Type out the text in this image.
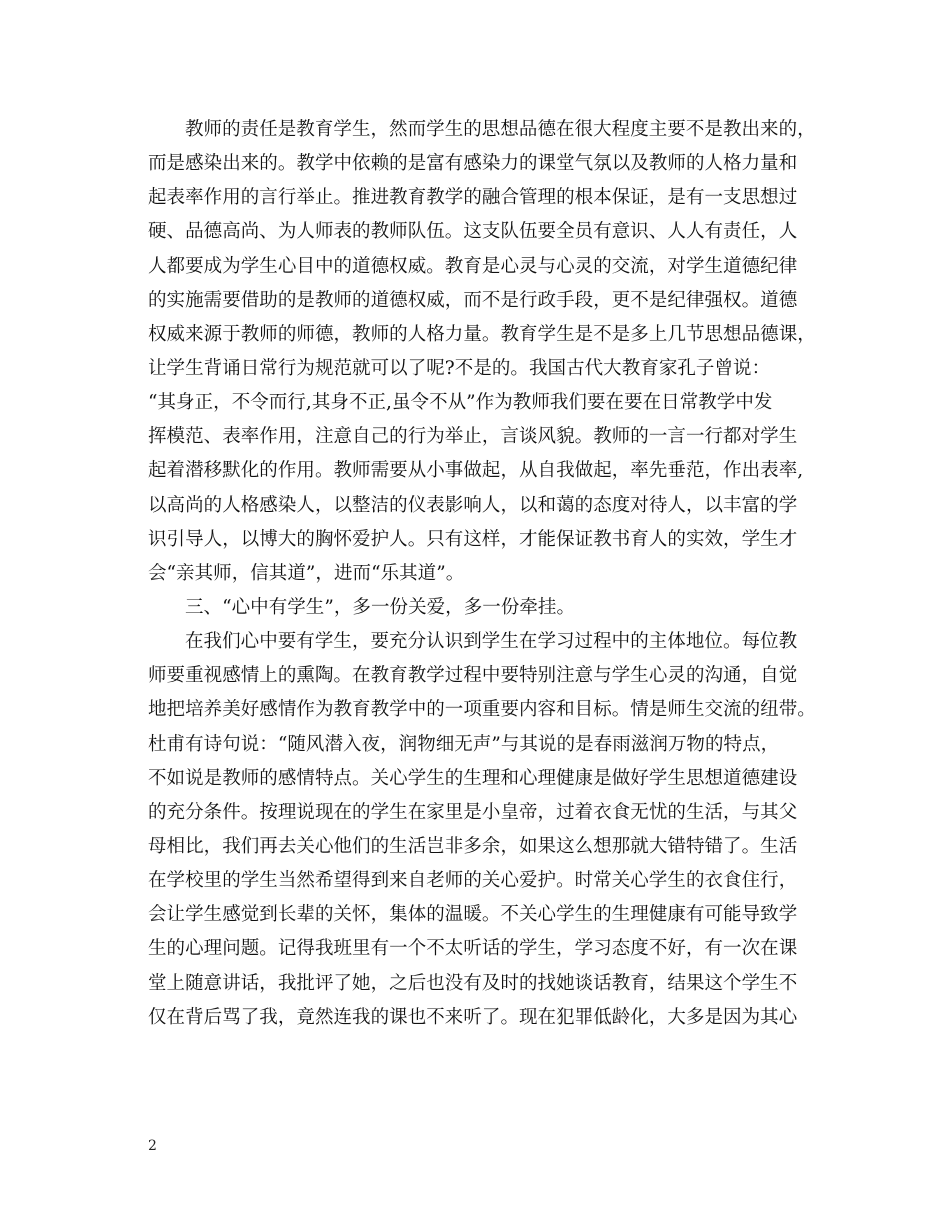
教师的责任是教育学生，然而学生的思想品德在很大程度主要不是教出来的，
而是感染出来的。教学中依赖的是富有感染力的课堂气氛以及教师的人格力量和
起表率作用的言行举止。推进教育教学的融合管理的根本保证，是有一支思想过
硬、品德高尚、为人师表的教师队伍。这支队伍要全员有意识、人人有责任，人
人都要成为学生心目中的道德权威。教育是心灵与心灵的交流，对学生道德纪律
的实施需要借助的是教师的道德权威，而不是行政手段，更不是纪律强权。道德
权威来源于教师的师德，教师的人格力量。教育学生是不是多上几节思想品德课，
让学生背诵日常行为规范就可以了呢?不是的。我国古代大教育家孔子曾说：
“其身正，不令而行,其身不正,虽令不从”作为教师我们要在要在日常教学中发
挥模范、表率作用，注意自己的行为举止，言谈风貌。教师的一言一行都对学生
起着潜移默化的作用。教师需要从小事做起，从自我做起，率先垂范，作出表率,
以高尚的人格感染人，以整洁的仪表影响人，以和蔼的态度对待人，以丰富的学
识引导人，以博大的胸怀爱护人。只有这样，才能保证教书育人的实效，学生才
会“亲其师，信其道”，进而“乐其道”。
三、“心中有学生”，多一份关爱，多一份牵挂。
在我们心中要有学生，要充分认识到学生在学习过程中的主体地位。每位教
师要重视感情上的熏陶。在教育教学过程中要特别注意与学生心灵的沟通，自觉
地把培养美好感情作为教育教学中的一项重要内容和目标。情是师生交流的纽带。
杜甫有诗句说：“随风潜入夜，润物细无声”与其说的是春雨滋润万物的特点，
不如说是教师的感情特点。关心学生的生理和心理健康是做好学生思想道德建设
的充分条件。按理说现在的学生在家里是小皇帝，过着衣食无忧的生活，与其父
母相比，我们再去关心他们的生活岂非多余，如果这么想那就大错特错了。生活
在学校里的学生当然希望得到来自老师的关心爱护。时常关心学生的衣食住行，
会让学生感觉到长辈的关怀，集体的温暖。不关心学生的生理健康有可能导致学
生的心理问题。记得我班里有一个不太听话的学生，学习态度不好，有一次在课
堂上随意讲话，我批评了她，之后也没有及时的找她谈话教育，结果这个学生不
仅在背后骂了我，竟然连我的课也不来听了。现在犯罪低龄化，大多是因为其心
2
